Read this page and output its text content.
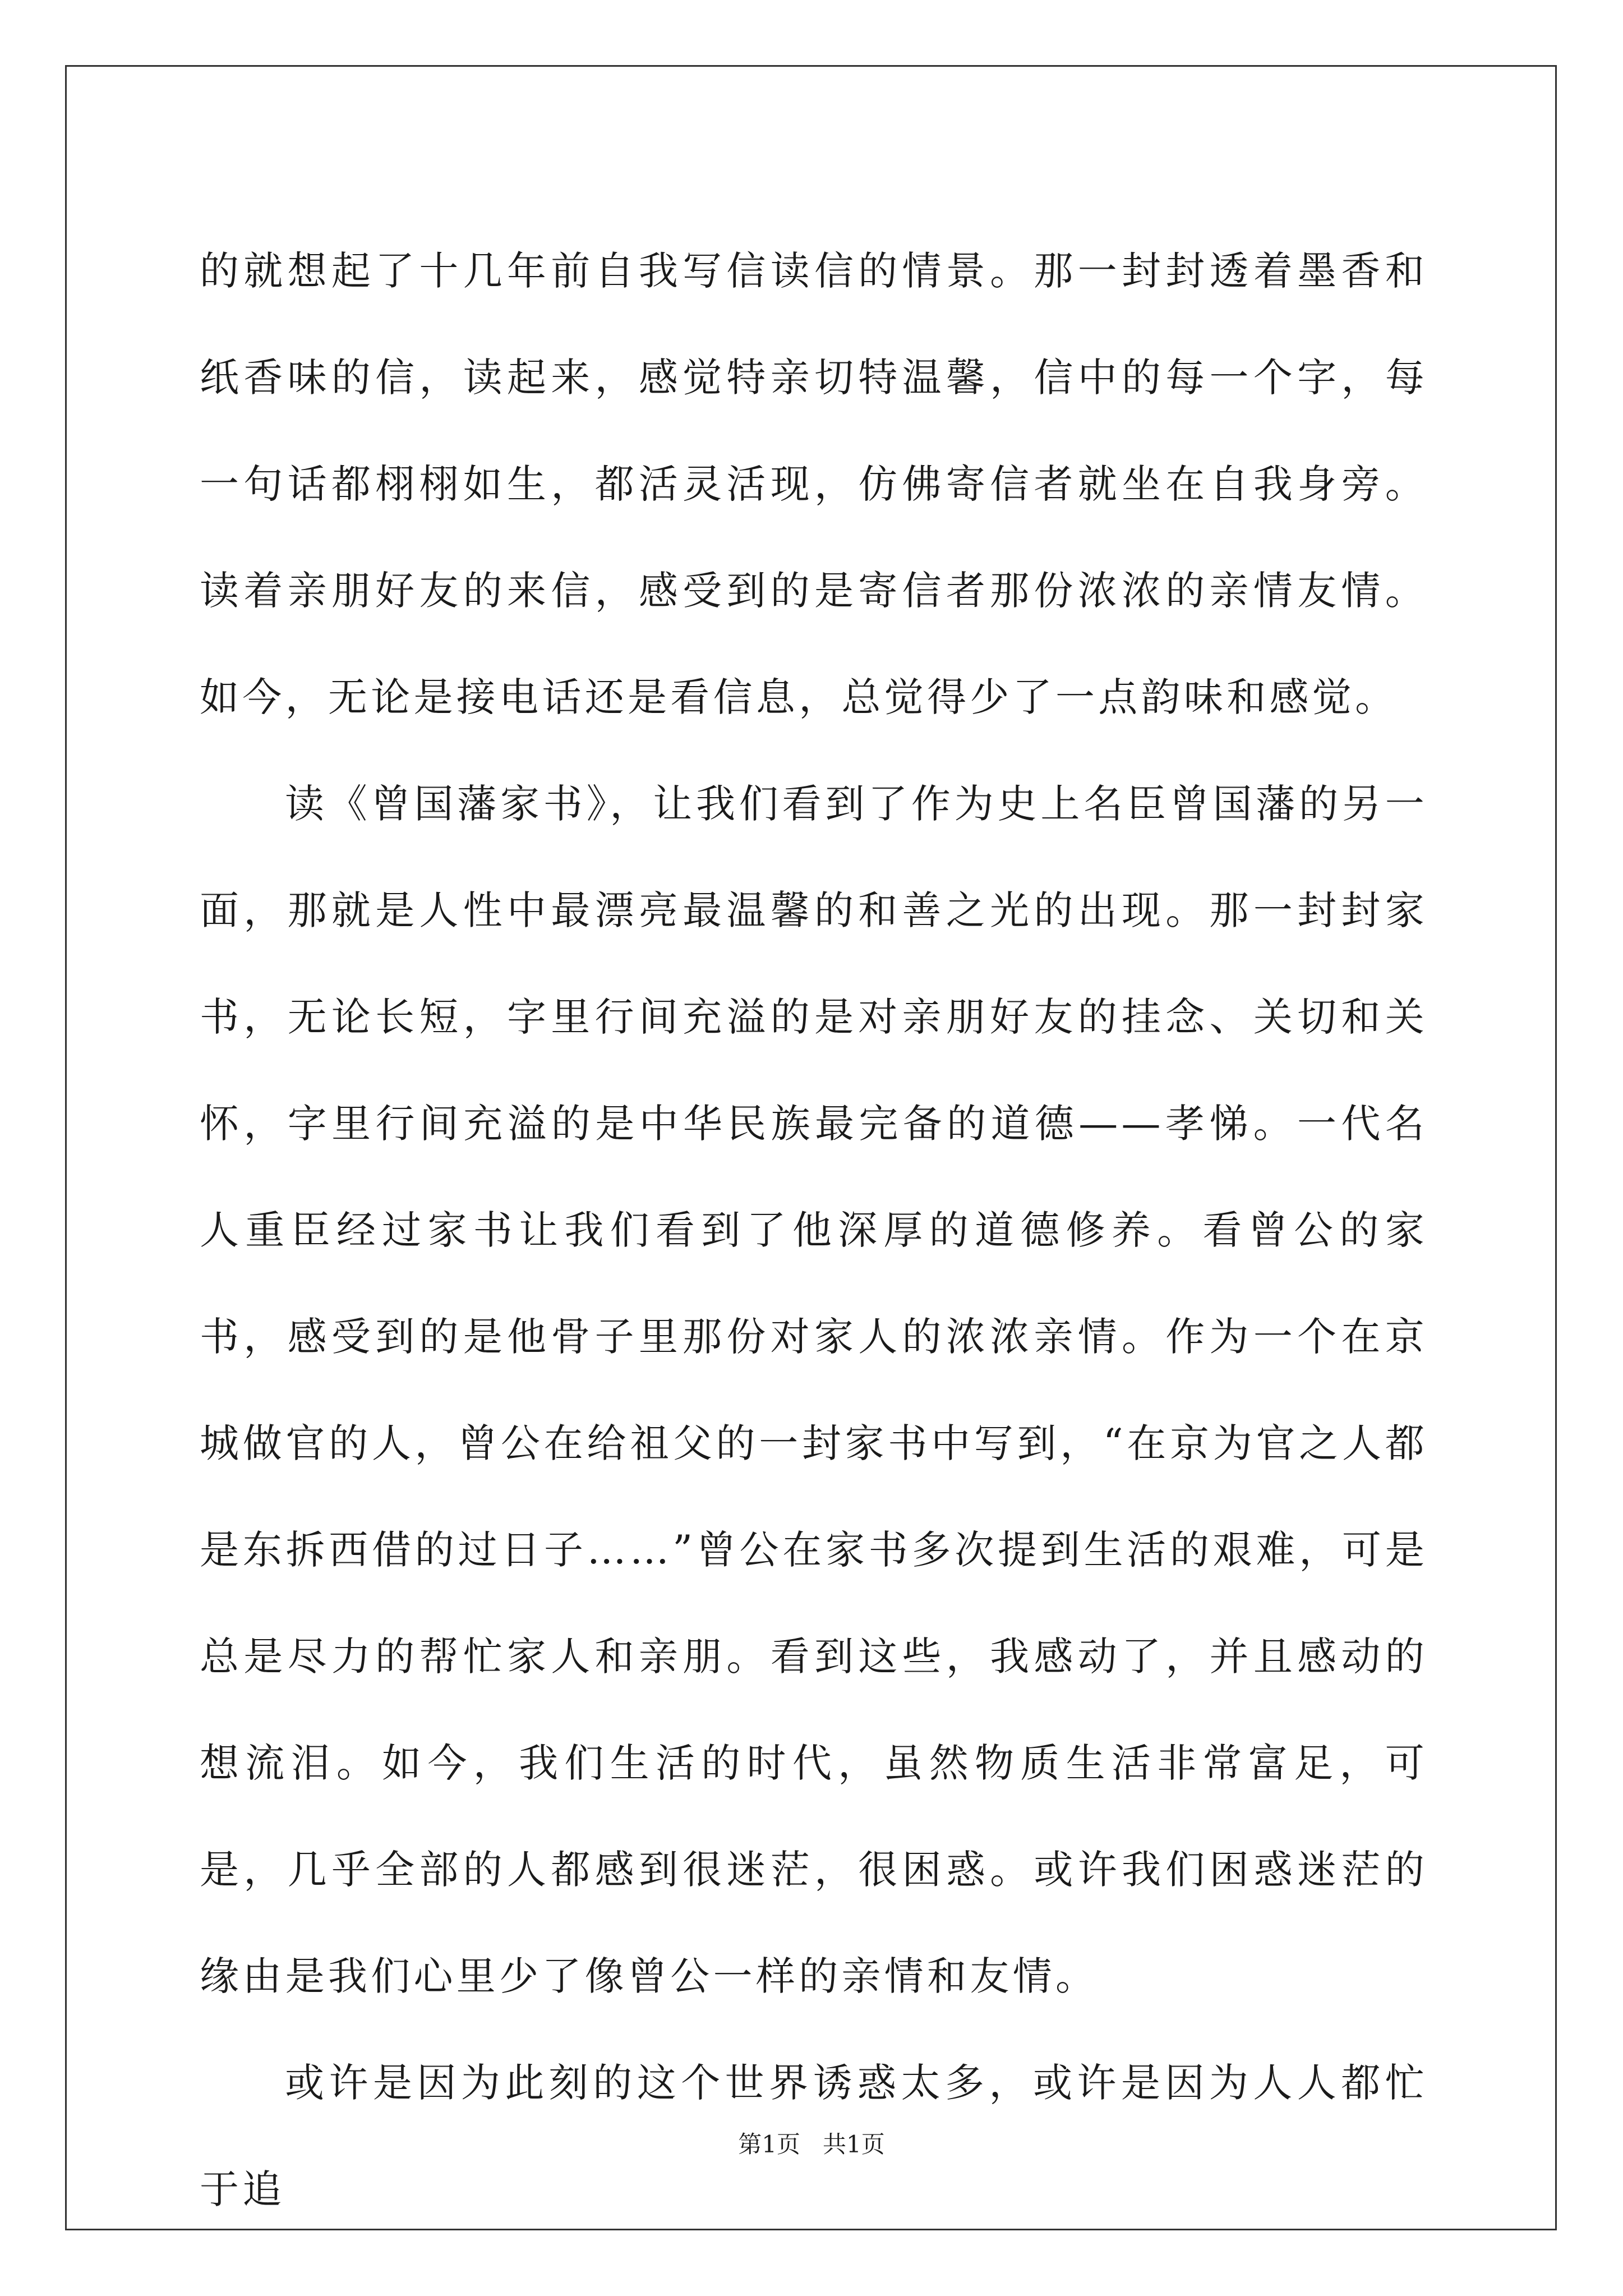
的就想起了十几年前自我写信读信的情景。那一封封透着墨香和纸香味的信，读起来，感觉特亲切特温馨，信中的每一个字，每一句话都栩栩如生，都活灵活现，仿佛寄信者就坐在自我身旁。读着亲朋好友的来信，感受到的是寄信者那份浓浓的亲情友情。如今，无论是接电话还是看信息，总觉得少了一点韵味和感觉。

读《曾国藩家书》，让我们看到了作为史上名臣曾国藩的另一面，那就是人性中最漂亮最温馨的和善之光的出现。那一封封家书，无论长短，字里行间充溢的是对亲朋好友的挂念、关切和关怀，字里行间充溢的是中华民族最完备的道德——孝悌。一代名人重臣经过家书让我们看到了他深厚的道德修养。看曾公的家书，感受到的是他骨子里那份对家人的浓浓亲情。作为一个在京城做官的人，曾公在给祖父的一封家书中写到，“在京为官之人都是东拆西借的过日子……”曾公在家书多次提到生活的艰难，可是总是尽力的帮忙家人和亲朋。看到这些，我感动了，并且感动的想流泪。如今，我们生活的时代，虽然物质生活非常富足，可是，几乎全部的人都感到很迷茫，很困惑。或许我们困惑迷茫的缘由是我们心里少了像曾公一样的亲情和友情。

或许是因为此刻的这个世界诱惑太多，或许是因为人人都忙于追

第1页 共1页
